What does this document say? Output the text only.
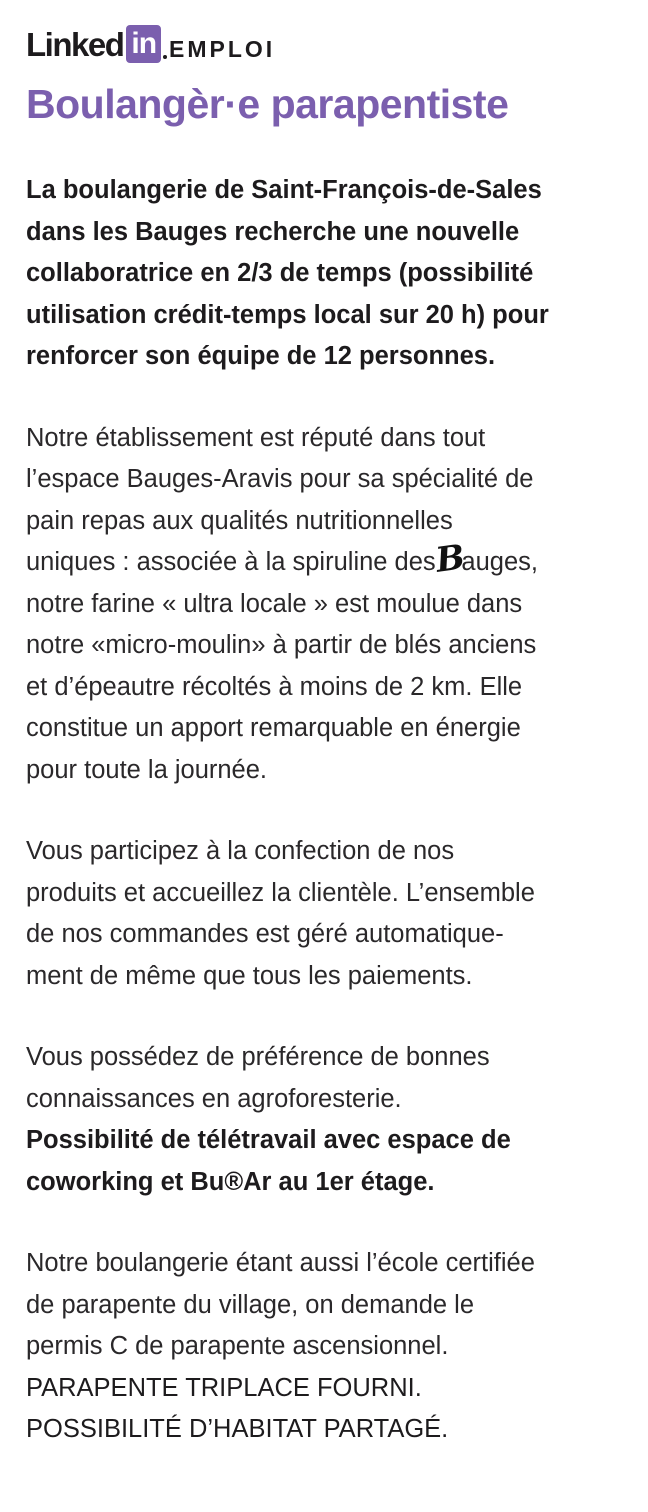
Linked in EMPLOI
Boulangèr·e parapentiste

La boulangerie de Saint-François-de-Sales
dans les Bauges recherche une nouvelle
collaboratrice en 2/3 de temps (possibilité
utilisation crédit-temps local sur 20 h) pour
renforcer son équipe de 12 personnes.

Notre établissement est réputé dans tout
l’espace Bauges-Aravis pour sa spécialité de
pain repas aux qualités nutritionnelles
uniques : associée à la spiruline desBauges,
notre farine « ultra locale » est moulue dans
notre «micro-moulin» à partir de blés anciens
et d’épeautre récoltés à moins de 2 km. Elle
constitue un apport remarquable en énergie
pour toute la journée.

Vous participez à la confection de nos
produits et accueillez la clientèle. L’ensemble
de nos commandes est géré automatique-
ment de même que tous les paiements.

Vous possédez de préférence de bonnes
connaissances en agroforesterie.
Possibilité de télétravail avec espace de
coworking et Bu®Ar au 1er étage.

Notre boulangerie étant aussi l’école certifiée
de parapente du village, on demande le
permis C de parapente ascensionnel.

PARAPENTE TRIPLACE FOURNI.
POSSIBILITÉ D’HABITAT PARTAGÉ.
